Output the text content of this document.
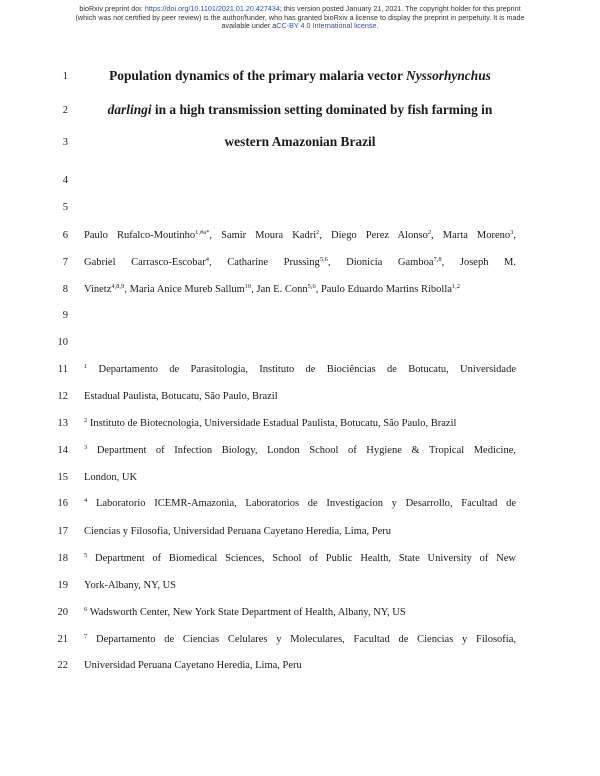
bioRxiv preprint doi: https://doi.org/10.1101/2021.01.20.427434; this version posted January 21, 2021. The copyright holder for this preprint
(which was not certified by peer review) is the author/funder, who has granted bioRxiv a license to display the preprint in perpetuity. It is made
available under aCC-BY 4.0 International license.
1
2
3
4
5
6
7
8
9
10
11
12
13
14
15
16
17
18
19
20
21
22
Population dynamics of the primary malaria vector Nyssorhynchus
darlingi in a high transmission setting dominated by fish farming in
western Amazonian Brazil
Paulo Rufalco-Moutinho$^{1,\#a*}$, Samir Moura Kadri$^2$, Diego Perez Alonso$^2$, Marta Moreno$^3$,
Gabriel Carrasco-Escobar$^4$, Catharine Prussing$^{5,6}$, Dionicia Gamboa$^{7,8}$, Joseph M.
Vinetz$^{4,8,9}$, Maria Anice Mureb Sallum$^{10}$, Jan E. Conn$^{5,6}$, Paulo Eduardo Martins Ribolla$^{1,2}$
$^1$ Departamento de Parasitologia, Instituto de Biociências de Botucatu, Universidade
Estadual Paulista, Botucatu, São Paulo, Brazil
$^2$ Instituto de Biotecnologia, Universidade Estadual Paulista, Botucatu, São Paulo, Brazil
$^3$ Department of Infection Biology, London School of Hygiene & Tropical Medicine,
London, UK
$^4$ Laboratorio ICEMR-Amazonia, Laboratorios de Investigacion y Desarrollo, Facultad de
Ciencias y Filosofia, Universidad Peruana Cayetano Heredia, Lima, Peru
$^5$ Department of Biomedical Sciences, School of Public Health, State University of New
York-Albany, NY, US
$^6$ Wadsworth Center, New York State Department of Health, Albany, NY, US
$^7$ Departamento de Ciencias Celulares y Moleculares, Facultad de Ciencias y Filosofía,
Universidad Peruana Cayetano Heredia, Lima, Peru
